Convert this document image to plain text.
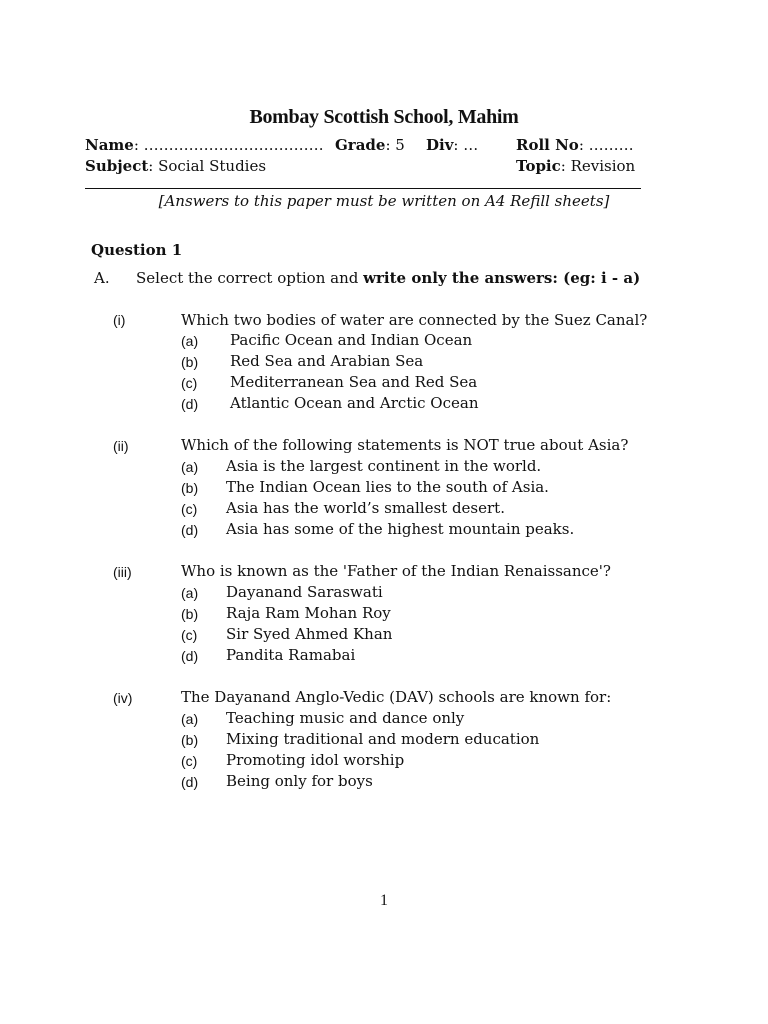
Bombay Scottish School, Mahim
Name: ……………………………… Grade: 5 Div: …	Roll No: ………
Subject: Social Studies	Topic: Revision
[Answers to this paper must be written on A4 Refill sheets]
Question 1
A. Select the correct option and write only the answers: (eg: i - a)
(i)	Which two bodies of water are connected by the Suez Canal?
(a) Pacific Ocean and Indian Ocean
(b) Red Sea and Arabian Sea
(c) Mediterranean Sea and Red Sea
(d) Atlantic Ocean and Arctic Ocean
(ii)	Which of the following statements is NOT true about Asia?
(a) Asia is the largest continent in the world.
(b) The Indian Ocean lies to the south of Asia.
(c) Asia has the world’s smallest desert.
(d) Asia has some of the highest mountain peaks.
(iii)	Who is known as the 'Father of the Indian Renaissance'?
(a) Dayanand Saraswati
(b) Raja Ram Mohan Roy
(c) Sir Syed Ahmed Khan
(d) Pandita Ramabai
(iv)	The Dayanand Anglo-Vedic (DAV) schools are known for:
(a) Teaching music and dance only
(b) Mixing traditional and modern education
(c) Promoting idol worship
(d) Being only for boys
1
